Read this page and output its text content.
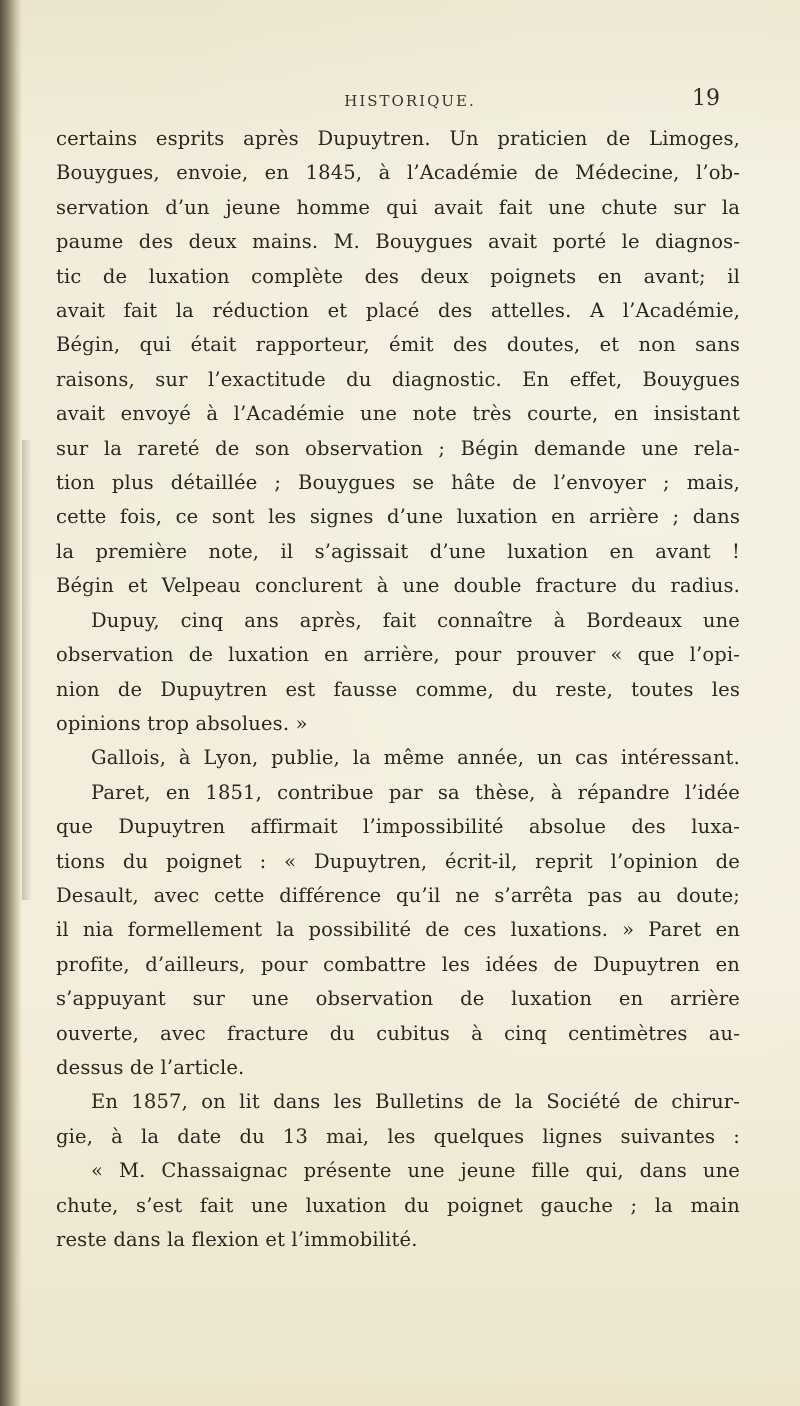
HISTORIQUE.	19
certains esprits après Dupuytren. Un praticien de Limoges,
Bouygues, envoie, en 1845, à l’Académie de Médecine, l’ob-
servation d’un jeune homme qui avait fait une chute sur la
paume des deux mains. M. Bouygues avait porté le diagnos-
tic de luxation complète des deux poignets en avant; il
avait fait la réduction et placé des attelles. A l’Académie,
Bégin, qui était rapporteur, émit des doutes, et non sans
raisons, sur l’exactitude du diagnostic. En effet, Bouygues
avait envoyé à l’Académie une note très courte, en insistant
sur la rareté de son observation ; Bégin demande une rela-
tion plus détaillée ; Bouygues se hâte de l’envoyer ; mais,
cette fois, ce sont les signes d’une luxation en arrière ; dans
la première note, il s’agissait d’une luxation en avant !
Bégin et Velpeau conclurent à une double fracture du radius.
Dupuy, cinq ans après, fait connaître à Bordeaux une
observation de luxation en arrière, pour prouver « que l’opi-
nion de Dupuytren est fausse comme, du reste, toutes les
opinions trop absolues. »
Gallois, à Lyon, publie, la même année, un cas intéressant.
Paret, en 1851, contribue par sa thèse, à répandre l’idée
que Dupuytren affirmait l’impossibilité absolue des luxa-
tions du poignet : « Dupuytren, écrit-il, reprit l’opinion de
Desault, avec cette différence qu’il ne s’arrêta pas au doute;
il nia formellement la possibilité de ces luxations. » Paret en
profite, d’ailleurs, pour combattre les idées de Dupuytren en
s’appuyant sur une observation de luxation en arrière
ouverte, avec fracture du cubitus à cinq centimètres au-
dessus de l’article.
En 1857, on lit dans les Bulletins de la Société de chirur-
gie, à la date du 13 mai, les quelques lignes suivantes :
« M. Chassaignac présente une jeune fille qui, dans une
chute, s’est fait une luxation du poignet gauche ; la main
reste dans la flexion et l’immobilité.
